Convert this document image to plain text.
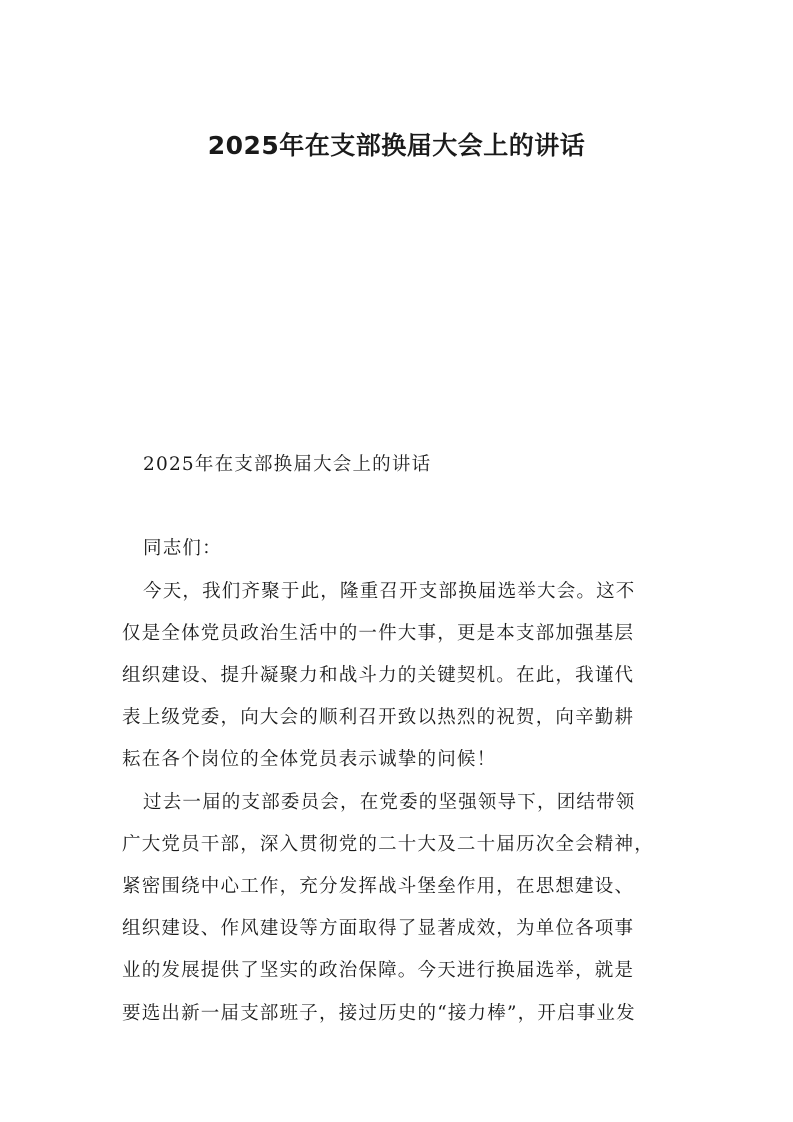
2025年在支部换届大会上的讲话

2025年在支部换届大会上的讲话

同志们：

今天，我们齐聚于此，隆重召开支部换届选举大会。这不

仅是全体党员政治生活中的一件大事，更是本支部加强基层

组织建设、提升凝聚力和战斗力的关键契机。在此，我谨代

表上级党委，向大会的顺利召开致以热烈的祝贺，向辛勤耕

耘在各个岗位的全体党员表示诚挚的问候！

过去一届的支部委员会，在党委的坚强领导下，团结带领

广大党员干部，深入贯彻党的二十大及二十届历次全会精神，

紧密围绕中心工作，充分发挥战斗堡垒作用，在思想建设、

组织建设、作风建设等方面取得了显著成效，为单位各项事

业的发展提供了坚实的政治保障。今天进行换届选举，就是

要选出新一届支部班子，接过历史的“接力棒”，开启事业发
